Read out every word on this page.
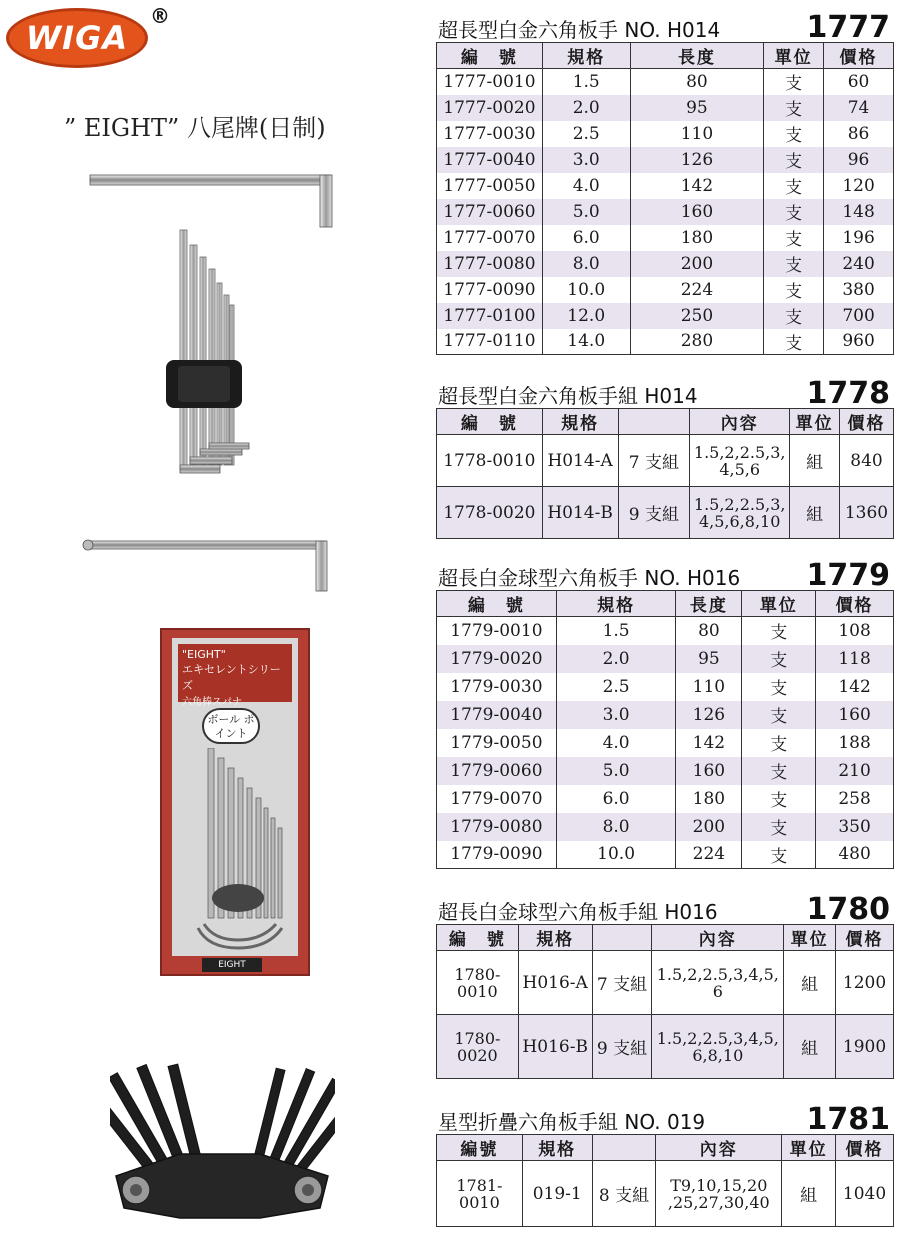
WIGA
®
” EIGHT” 八尾牌(日制)
"EIGHT"
エキセレントシリーズ
六角棒スパナ
ボール ポイント
EIGHT
超長型白金六角板手 NO. H014	1777
編　號	規格	長度	單位	價格
1777-0010	1.5	80	支	60
1777-0020	2.0	95	支	74
1777-0030	2.5	110	支	86
1777-0040	3.0	126	支	96
1777-0050	4.0	142	支	120
1777-0060	5.0	160	支	148
1777-0070	6.0	180	支	196
1777-0080	8.0	200	支	240
1777-0090	10.0	224	支	380
1777-0100	12.0	250	支	700
1777-0110	14.0	280	支	960
超長型白金六角板手組 H014	1778
編　號	規格		內容	單位	價格
1778-0010	H014-A	7 支組	1.5,2,2.5,3, 4,5,6	組	840
1778-0020	H014-B	9 支組	1.5,2,2.5,3, 4,5,6,8,10	組	1360
超長白金球型六角板手 NO. H016 1779
編　號	規格	長度	單位	價格
1779-0010	1.5	80	支	108
1779-0020	2.0	95	支	118
1779-0030	2.5	110	支	142
1779-0040	3.0	126	支	160
1779-0050	4.0	142	支	188
1779-0060	5.0	160	支	210
1779-0070	6.0	180	支	258
1779-0080	8.0	200	支	350
1779-0090	10.0	224	支	480
超長白金球型六角板手組 H016	1780
編　號	規格		內容	單位	價格
1780- 0010	H016-A	7 支組	1.5,2,2.5,3,4,5, 6	組	1200
1780- 0020	H016-B	9 支組	1.5,2,2.5,3,4,5, 6,8,10	組	1900
星型折疊六角板手組 NO. 019	1781
編號	規格		內容	單位	價格
1781- 0010	019-1	8 支組	T9,10,15,20 ,25,27,30,40	組	1040
